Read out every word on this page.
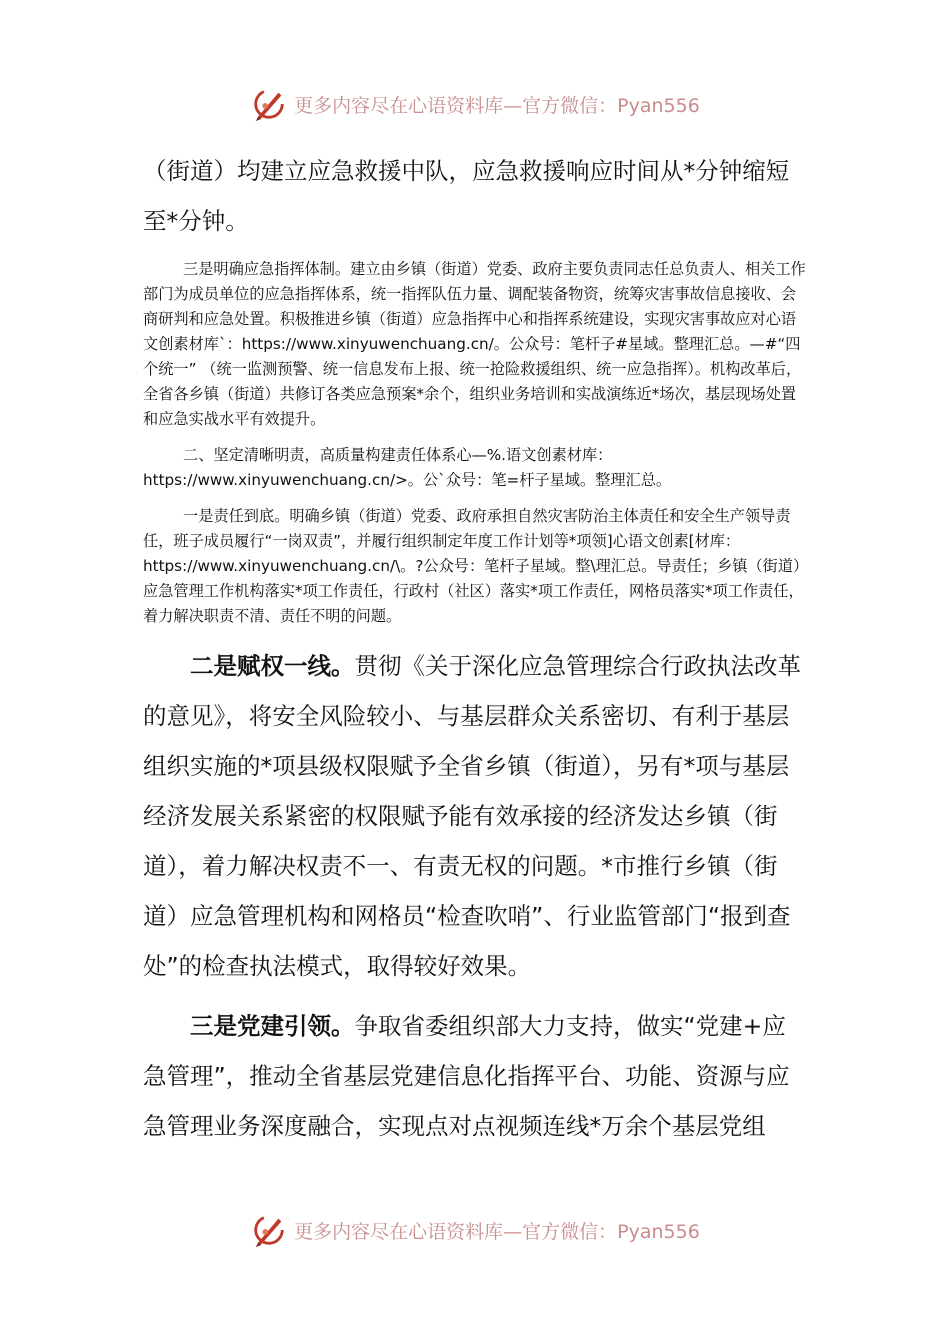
更多内容尽在心语资料库—官方微信：Pyan556

（街道）均建立应急救援中队，应急救援响应时间从*分钟缩短至*分钟。

三是明确应急指挥体制。建立由乡镇（街道）党委、政府主要负责同志任总负责人、相关工作部门为成员单位的应急指挥体系，统一指挥队伍力量、调配装备物资，统筹灾害事故信息接收、会商研判和应急处置。积极推进乡镇（街道）应急指挥中心和指挥系统建设，实现灾害事故应对心语文创素材库`：https://www.xinyuwenchuang.cn/。公众号：笔杆子#星域。整理汇总。—#“四个统一” （统一监测预警、统一信息发布上报、统一抢险救援组织、统一应急指挥）。机构改革后，全省各乡镇（街道）共修订各类应急预案*余个，组织业务培训和实战演练近*场次，基层现场处置和应急实战水平有效提升。

二、坚定清晰明责，高质量构建责任体系心—%.语文创素材库：https://www.xinyuwenchuang.cn/>。公`众号：笔=杆子星域。整理汇总。

一是责任到底。明确乡镇（街道）党委、政府承担自然灾害防治主体责任和安全生产领导责任，班子成员履行“一岗双责”，并履行组织制定年度工作计划等*项领]心语文创素[材库：https://www.xinyuwenchuang.cn/\。?公众号：笔杆子星域。整\理汇总。导责任；乡镇（街道）应急管理工作机构落实*项工作责任，行政村（社区）落实*项工作责任，网格员落实*项工作责任，着力解决职责不清、责任不明的问题。

二是赋权一线。贯彻《关于深化应急管理综合行政执法改革的意见》，将安全风险较小、与基层群众关系密切、有利于基层组织实施的*项县级权限赋予全省乡镇（街道），另有*项与基层经济发展关系紧密的权限赋予能有效承接的经济发达乡镇（街道），着力解决权责不一、有责无权的问题。*市推行乡镇（街道）应急管理机构和网格员“检查吹哨”、行业监管部门“报到查处”的检查执法模式，取得较好效果。

三是党建引领。争取省委组织部大力支持，做实“党建+应急管理”，推动全省基层党建信息化指挥平台、功能、资源与应急管理业务深度融合，实现点对点视频连线*万余个基层党组

更多内容尽在心语资料库—官方微信：Pyan556
